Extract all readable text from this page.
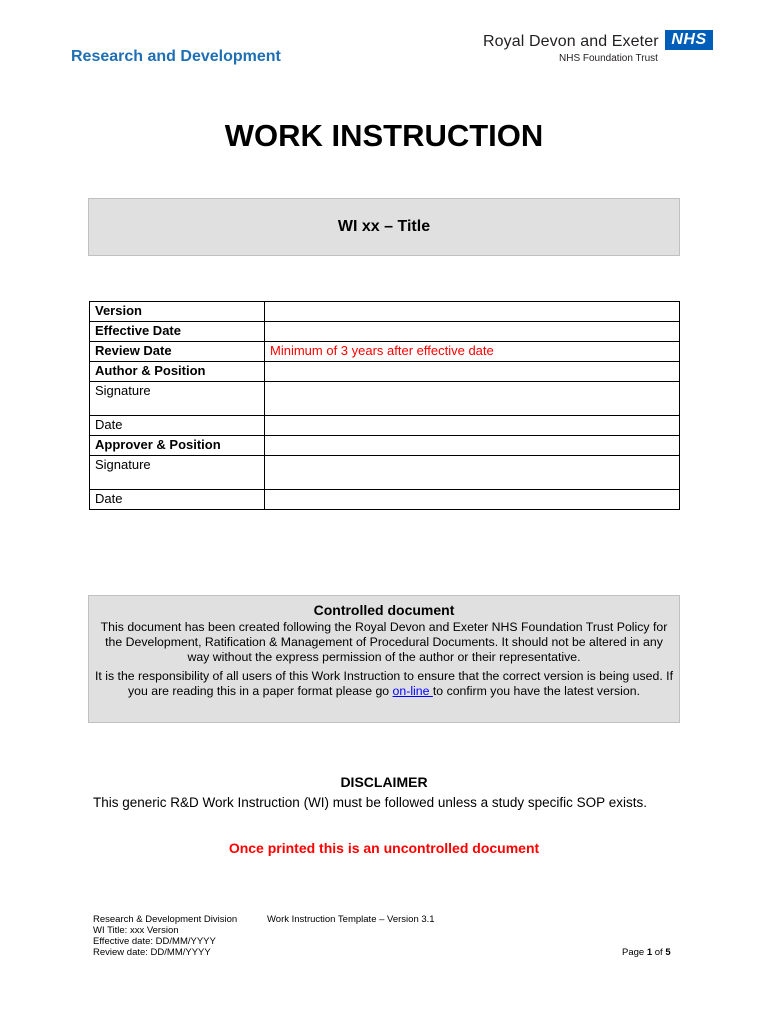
Research and Development
Royal Devon and Exeter
NHS Foundation Trust
NHS
WORK INSTRUCTION
WI xx – Title
Version	
Effective Date	
Review Date	Minimum of 3 years after effective date
Author & Position	
Signature	
Date	
Approver & Position	
Signature	
Date	
Controlled document
This document has been created following the Royal Devon and Exeter NHS Foundation Trust Policy for the Development, Ratification & Management of Procedural Documents. It should not be altered in any way without the express permission of the author or their representative.
It is the responsibility of all users of this Work Instruction to ensure that the correct version is being used. If you are reading this in a paper format please go on-line to confirm you have the latest version.
DISCLAIMER
This generic R&D Work Instruction (WI) must be followed unless a study specific SOP exists.
Once printed this is an uncontrolled document
Research & Development Division
WI Title: xxx Version
Effective date: DD/MM/YYYY
Review date: DD/MM/YYYY
Work Instruction Template – Version 3.1
Page 1 of 5
